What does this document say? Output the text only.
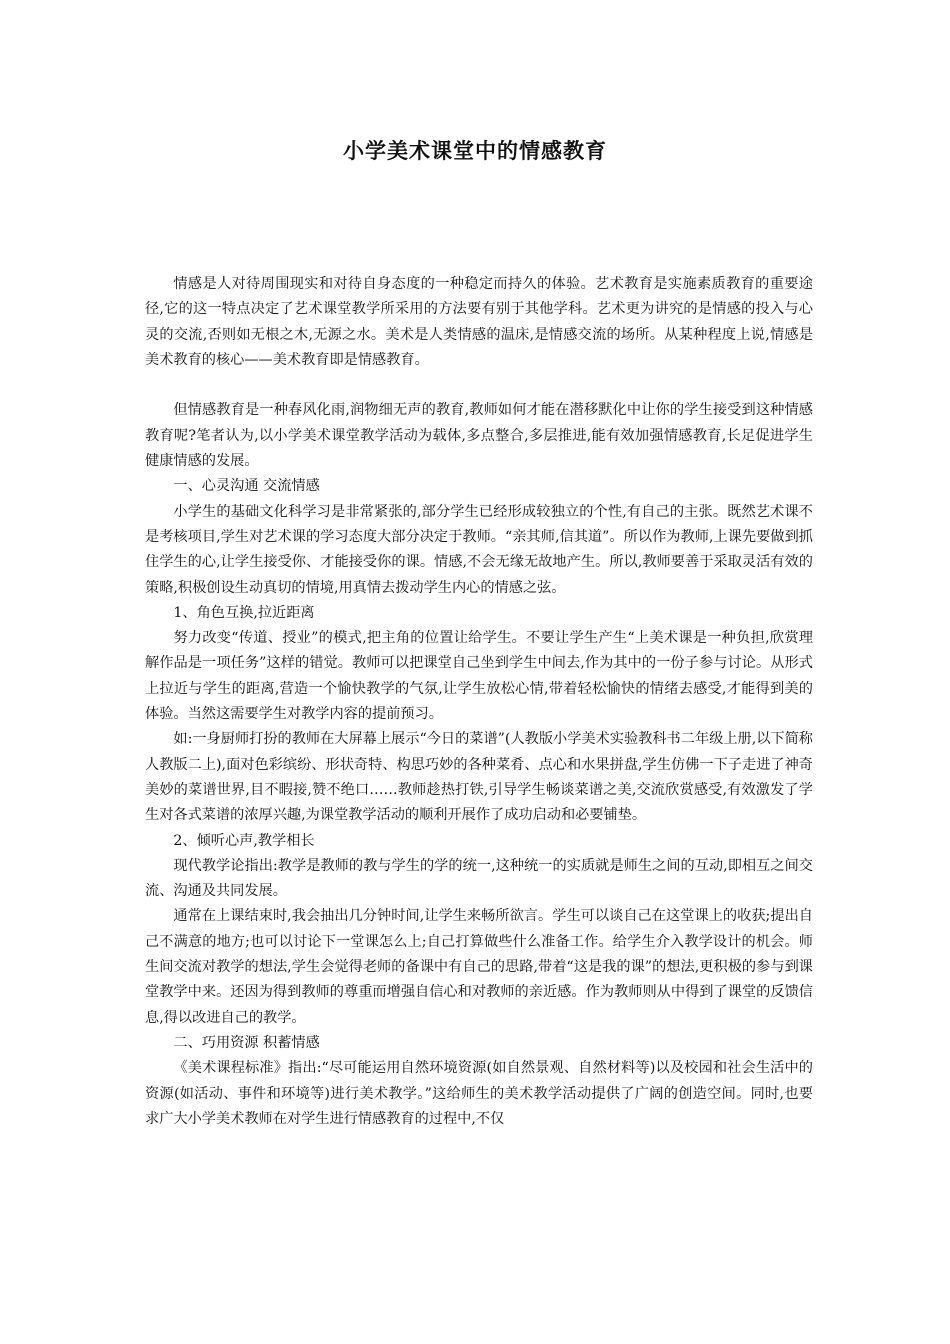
小学美术课堂中的情感教育

情感是人对待周围现实和对待自身态度的一种稳定而持久的体验。艺术教育是实施素质教育的重要途径,它的这一特点决定了艺术课堂教学所采用的方法要有别于其他学科。艺术更为讲究的是情感的投入与心灵的交流,否则如无根之木,无源之水。美术是人类情感的温床,是情感交流的场所。从某种程度上说,情感是美术教育的核心——美术教育即是情感教育。

但情感教育是一种春风化雨,润物细无声的教育,教师如何才能在潜移默化中让你的学生接受到这种情感教育呢?笔者认为,以小学美术课堂教学活动为载体,多点整合,多层推进,能有效加强情感教育,长足促进学生健康情感的发展。

一、心灵沟通 交流情感

小学生的基础文化科学习是非常紧张的,部分学生已经形成较独立的个性,有自己的主张。既然艺术课不是考核项目,学生对艺术课的学习态度大部分决定于教师。“亲其师,信其道”。所以作为教师,上课先要做到抓住学生的心,让学生接受你、才能接受你的课。情感,不会无缘无故地产生。所以,教师要善于采取灵活有效的策略,积极创设生动真切的情境,用真情去拨动学生内心的情感之弦。

1、角色互换,拉近距离

努力改变“传道、授业”的模式,把主角的位置让给学生。不要让学生产生“上美术课是一种负担,欣赏理解作品是一项任务”这样的错觉。教师可以把课堂自己坐到学生中间去,作为其中的一份子参与讨论。从形式上拉近与学生的距离,营造一个愉快教学的气氛,让学生放松心情,带着轻松愉快的情绪去感受,才能得到美的体验。当然这需要学生对教学内容的提前预习。

如:一身厨师打扮的教师在大屏幕上展示“今日的菜谱”(人教版小学美术实验教科书二年级上册,以下简称人教版二上),面对色彩缤纷、形状奇特、构思巧妙的各种菜肴、点心和水果拼盘,学生仿佛一下子走进了神奇美妙的菜谱世界,目不暇接,赞不绝口……教师趁热打铁,引导学生畅谈菜谱之美,交流欣赏感受,有效激发了学生对各式菜谱的浓厚兴趣,为课堂教学活动的顺利开展作了成功启动和必要铺垫。

2、倾听心声,教学相长

现代教学论指出:教学是教师的教与学生的学的统一,这种统一的实质就是师生之间的互动,即相互之间交流、沟通及共同发展。

通常在上课结束时,我会抽出几分钟时间,让学生来畅所欲言。学生可以谈自己在这堂课上的收获;提出自己不满意的地方;也可以讨论下一堂课怎么上;自己打算做些什么准备工作。给学生介入教学设计的机会。师生间交流对教学的想法,学生会觉得老师的备课中有自己的思路,带着“这是我的课”的想法,更积极的参与到课堂教学中来。还因为得到教师的尊重而增强自信心和对教师的亲近感。作为教师则从中得到了课堂的反馈信息,得以改进自己的教学。

二、巧用资源 积蓄情感

《美术课程标准》指出:“尽可能运用自然环境资源(如自然景观、自然材料等)以及校园和社会生活中的资源(如活动、事件和环境等)进行美术教学。”这给师生的美术教学活动提供了广阔的创造空间。同时,也要求广大小学美术教师在对学生进行情感教育的过程中,不仅
